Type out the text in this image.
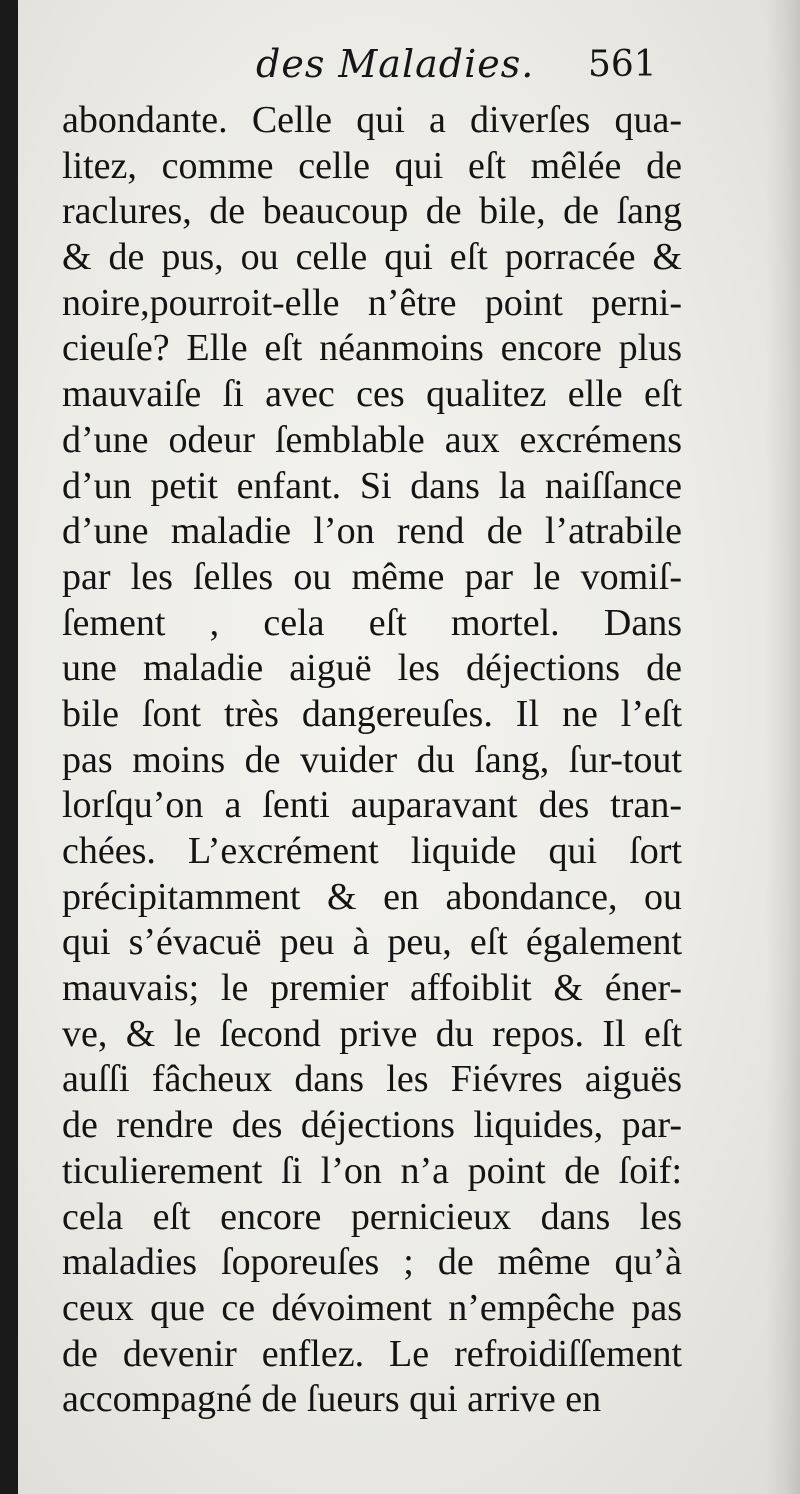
des Maladies. 561
abondante. Celle qui a diverſes qua-
litez, comme celle qui eſt mêlée de
raclures, de beaucoup de bile, de ſang
& de pus, ou celle qui eſt porracée &
noire,pourroit-elle n’être point perni-
cieuſe? Elle eſt néanmoins encore plus
mauvaiſe ſi avec ces qualitez elle eſt
d’une odeur ſemblable aux excrémens
d’un petit enfant. Si dans la naiſſance
d’une maladie l’on rend de l’atrabile
par les ſelles ou même par le vomiſ-
ſement , cela eſt mortel. Dans
une maladie aiguë les déjections de
bile ſont très dangereuſes. Il ne l’eſt
pas moins de vuider du ſang, ſur-tout
lorſqu’on a ſenti auparavant des tran-
chées. L’excrément liquide qui ſort
précipitamment & en abondance, ou
qui s’évacuë peu à peu, eſt également
mauvais; le premier affoiblit & éner-
ve, & le ſecond prive du repos. Il eſt
auſſi fâcheux dans les Fiévres aiguës
de rendre des déjections liquides, par-
ticulierement ſi l’on n’a point de ſoif:
cela eſt encore pernicieux dans les
maladies ſoporeuſes ; de même qu’à
ceux que ce dévoiment n’empêche pas
de devenir enflez. Le refroidiſſement
accompagné de ſueurs qui arrive en
